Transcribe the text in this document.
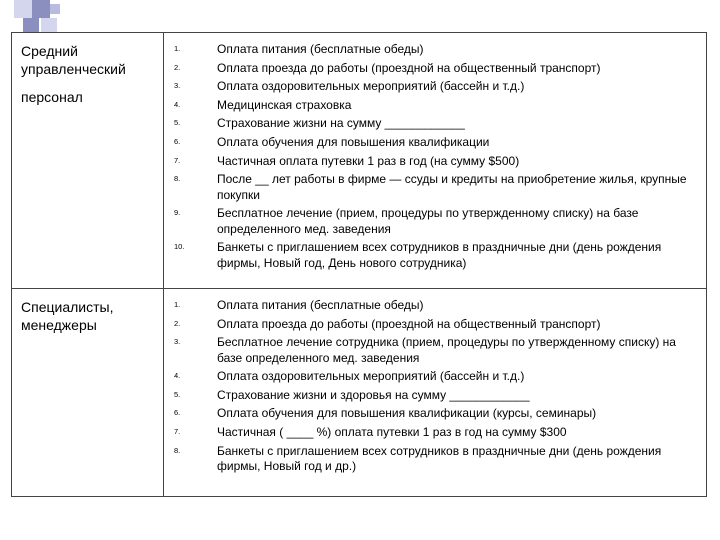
Средний управленческий

персонал

1.	Оплата питания (бесплатные обеды)
2.	Оплата проезда до работы (проездной на общественный транспорт)
3.	Оплата оздоровительных мероприятий (бассейн и т.д.)
4.	Медицинская страховка
5.	Страхование жизни на сумму ____________
6.	Оплата обучения для повышения квалификации
7.	Частичная оплата путевки 1 раз в год (на сумму $500)
8.	После __ лет работы в фирме — ссуды и кредиты на приобретение жилья, крупные покупки
9.	Бесплатное лечение (прием, процедуры по утвержденному списку) на базе определенного мед. заведения
10.	Банкеты с приглашением всех сотрудников в праздничные дни (день рождения фирмы, Новый год, День нового сотрудника)

Специалисты, менеджеры

1.	Оплата питания (бесплатные обеды)
2.	Оплата проезда до работы (проездной на общественный транспорт)
3.	Бесплатное лечение сотрудника (прием, процедуры по утвержденному списку) на базе определенного мед. заведения
4.	Оплата оздоровительных мероприятий (бассейн и т.д.)
5.	Страхование жизни и здоровья на сумму ____________
6.	Оплата обучения для повышения квалификации (курсы, семинары)
7.	Частичная ( ____ %) оплата путевки 1 раз в год на сумму $300
8.	Банкеты с приглашением всех сотрудников в праздничные дни (день рождения фирмы, Новый год и др.)
